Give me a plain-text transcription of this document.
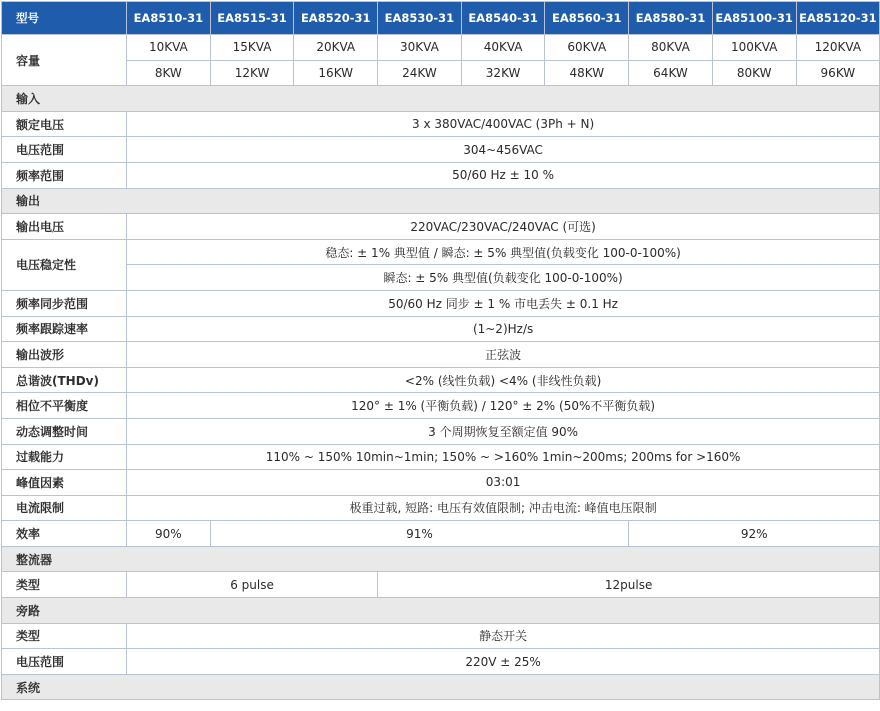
型号	EA8510-31	EA8515-31	EA8520-31	EA8530-31	EA8540-31	EA8560-31	EA8580-31	EA85100-31	EA85120-31
容量	10KVA	15KVA	20KVA	30KVA	40KVA	60KVA	80KVA	100KVA	120KVA
	8KW	12KW	16KW	24KW	32KW	48KW	64KW	80KW	96KW
输入									
额定电压	3 x 380VAC/400VAC (3Ph + N)								
电压范围	304~456VAC								
频率范围	50/60 Hz ± 10 %								
输出									
输出电压	220VAC/230VAC/240VAC (可选)								
电压稳定性	稳态: ± 1% 典型值 / 瞬态: ± 5% 典型值(负载变化 100-0-100%)								
	瞬态: ± 5% 典型值(负载变化 100-0-100%)								
频率同步范围	50/60 Hz 同步 ± 1 % 市电丢失 ± 0.1 Hz								
频率跟踪速率	(1~2)Hz/s								
输出波形	正弦波								
总谐波(THDv)	<2% (线性负载) <4% (非线性负载)								
相位不平衡度	120° ± 1% (平衡负载) / 120° ± 2% (50%不平衡负载)								
动态调整时间	3 个周期恢复至额定值 90%								
过载能力	110% ~ 150% 10min~1min; 150% ~ >160% 1min~200ms; 200ms for >160%								
峰值因素	03:01								
电流限制	极重过载, 短路: 电压有效值限制; 冲击电流: 峰值电压限制								
效率	90%	91%					92%		
整流器									
类型	6 pulse			12pulse					
旁路									
类型	静态开关								
电压范围	220V ± 25%								
系统									
